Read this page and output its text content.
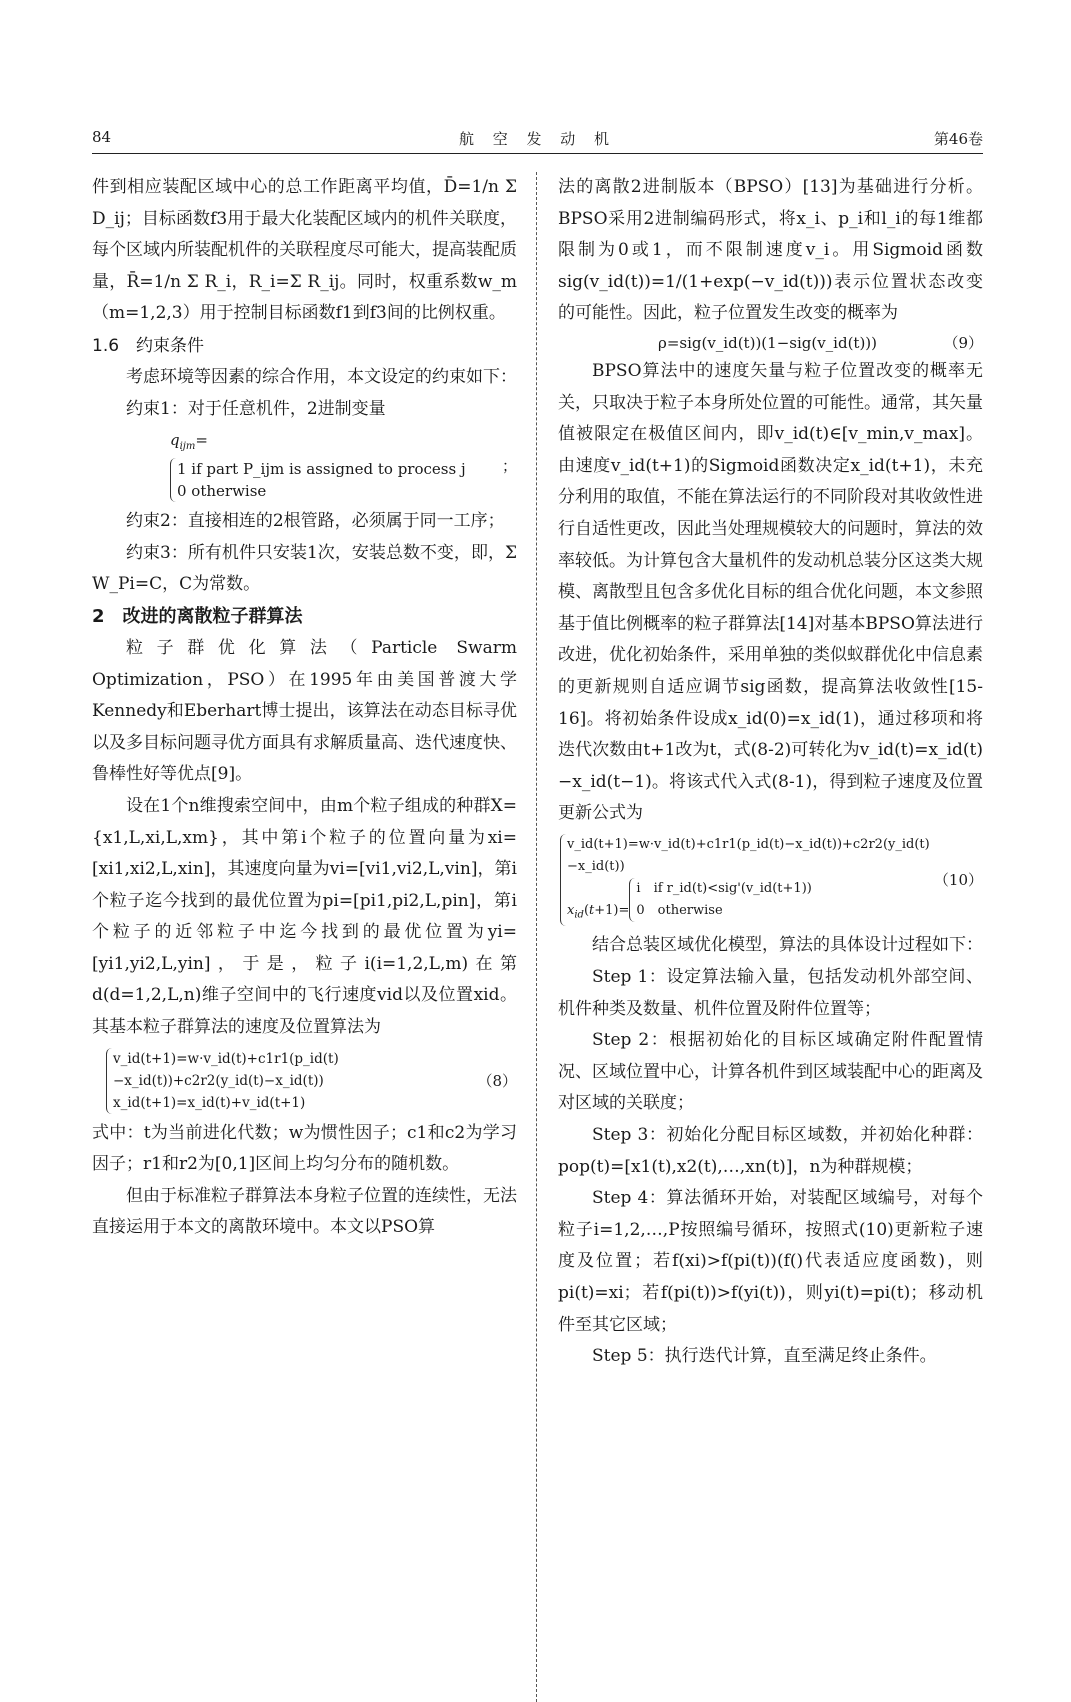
84	航 空 发 动 机	第46卷

件到相应装配区域中心的总工作距离平均值，D̄=1/n Σ D_ij；目标函数f3用于最大化装配区域内的机件关联度，每个区域内所装配机件的关联程度尽可能大，提高装配质量，R̄=1/n Σ R_i，R_i=Σ R_ij。同时，权重系数w_m（m=1,2,3）用于控制目标函数f1到f3间的比例权重。

1.6　约束条件

考虑环境等因素的综合作用，本文设定的约束如下：

约束1：对于任意机件，2进制变量

$q_{ijm}=1$ if part P_ijm is assigned to process j
0 otherwise
；

约束2：直接相连的2根管路，必须属于同一工序；

约束3：所有机件只安装1次，安装总数不变，即，Σ W_Pi=C，C为常数。

2　改进的离散粒子群算法

粒子群优化算法（Particle Swarm Optimization，PSO）在1995年由美国普渡大学Kennedy和Eberhart博士提出，该算法在动态目标寻优以及多目标问题寻优方面具有求解质量高、迭代速度快、鲁棒性好等优点[9]。

设在1个n维搜索空间中，由m个粒子组成的种群X={x1,L,xi,L,xm}，其中第i个粒子的位置向量为xi=[xi1,xi2,L,xin]，其速度向量为vi=[vi1,vi2,L,vin]，第i个粒子迄今找到的最优位置为pi=[pi1,pi2,L,pin]，第i个粒子的近邻粒子中迄今找到的最优位置为yi=[yi1,yi2,L,yin]，于是，粒子i(i=1,2,L,m)在第d(d=1,2,L,n)维子空间中的飞行速度vid以及位置xid。其基本粒子群算法的速度及位置算法为

v_id(t+1)=w·v_id(t)+c1r1(p_id(t)−x_id(t))+c2r2(y_id(t)−x_id(t))
x_id(t+1)=x_id(t)+v_id(t+1)
（8）

式中：t为当前进化代数；w为惯性因子；c1和c2为学习因子；r1和r2为[0,1]区间上均匀分布的随机数。

但由于标准粒子群算法本身粒子位置的连续性，无法直接运用于本文的离散环境中。本文以PSO算

法的离散2进制版本（BPSO）[13]为基础进行分析。BPSO采用2进制编码形式，将x_i、p_i和l_i的每1维都限制为0或1，而不限制速度v_i。用Sigmoid函数sig(v_id(t))=1/(1+exp(−v_id(t)))表示位置状态改变的可能性。因此，粒子位置发生改变的概率为

ρ=sig(v_id(t))(1−sig(v_id(t)))	（9）

BPSO算法中的速度矢量与粒子位置改变的概率无关，只取决于粒子本身所处位置的可能性。通常，其矢量值被限定在极值区间内，即v_id(t)∈[v_min,v_max]。由速度v_id(t+1)的Sigmoid函数决定x_id(t+1)，未充分利用的取值，不能在算法运行的不同阶段对其收敛性进行自适性更改，因此当处理规模较大的问题时，算法的效率较低。为计算包含大量机件的发动机总装分区这类大规模、离散型且包含多优化目标的组合优化问题，本文参照基于值比例概率的粒子群算法[14]对基本BPSO算法进行改进，优化初始条件，采用单独的类似蚁群优化中信息素的更新规则自适应调节sig函数，提高算法收敛性[15-16]。将初始条件设成x_id(0)=x_id(1)，通过移项和将迭代次数由t+1改为t，式(8-2)可转化为v_id(t)=x_id(t)−x_id(t−1)。将该式代入式(8-1)，得到粒子速度及位置更新公式为

v_id(t+1)=w·v_id(t)+c1r1(p_id(t)−x_id(t))+c2r2(y_id(t)−x_id(t))
$x_{id}(t+1)=i$　if r_id(t)<sig'(v_id(t+1))
0　otherwise
（10）

结合总装区域优化模型，算法的具体设计过程如下：

Step 1：设定算法输入量，包括发动机外部空间、机件种类及数量、机件位置及附件位置等；

Step 2：根据初始化的目标区域确定附件配置情况、区域位置中心，计算各机件到区域装配中心的距离及对区域的关联度；

Step 3：初始化分配目标区域数，并初始化种群：pop(t)=[x1(t),x2(t),…,xn(t)]，n为种群规模；

Step 4：算法循环开始，对装配区域编号，对每个粒子i=1,2,…,P按照编号循环，按照式(10)更新粒子速度及位置；若f(xi)>f(pi(t))(f()代表适应度函数)，则pi(t)=xi；若f(pi(t))>f(yi(t))，则yi(t)=pi(t)；移动机件至其它区域；

Step 5：执行迭代计算，直至满足终止条件。
